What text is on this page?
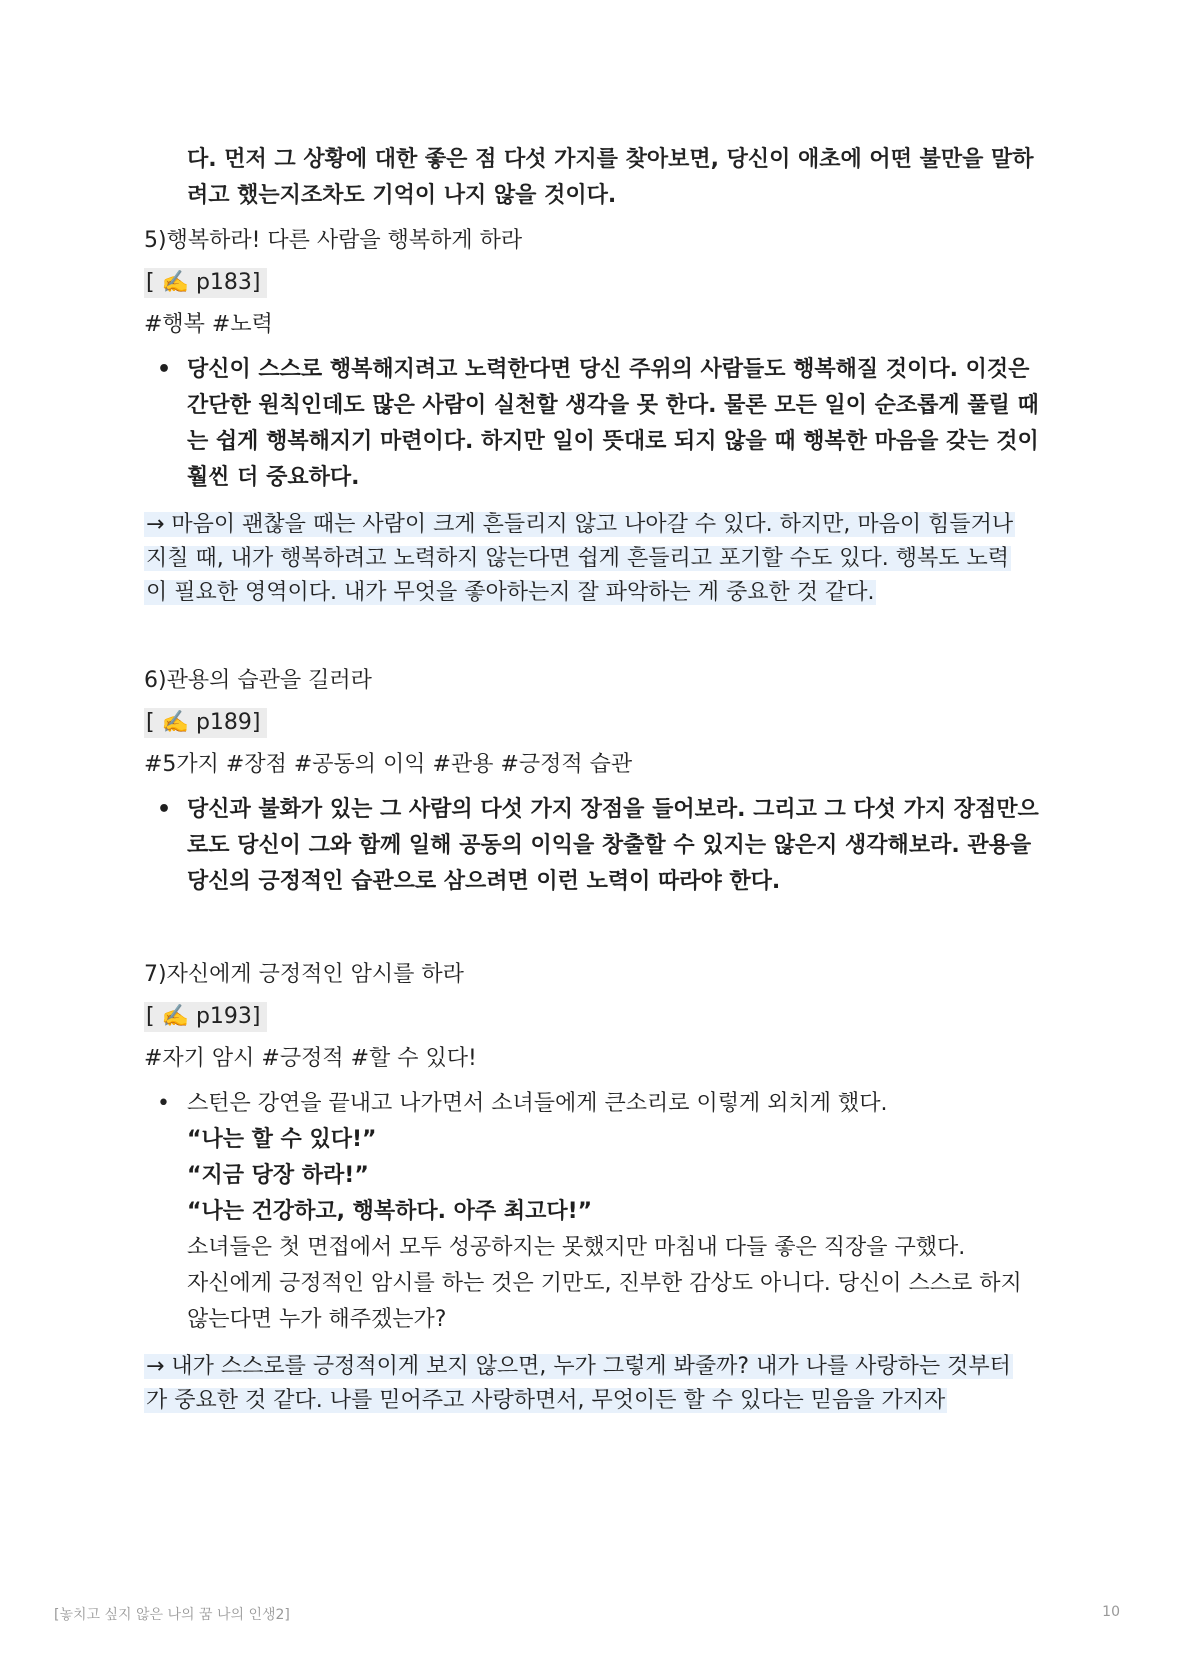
다. 먼저 그 상황에 대한 좋은 점 다섯 가지를 찾아보면, 당신이 애초에 어떤 불만을 말하
려고 했는지조차도 기억이 나지 않을 것이다.
5)행복하라! 다른 사람을 행복하게 하라
[ ✍️ p183]
#행복 #노력
• 당신이 스스로 행복해지려고 노력한다면 당신 주위의 사람들도 행복해질 것이다. 이것은
간단한 원칙인데도 많은 사람이 실천할 생각을 못 한다. 물론 모든 일이 순조롭게 풀릴 때
는 쉽게 행복해지기 마련이다. 하지만 일이 뜻대로 되지 않을 때 행복한 마음을 갖는 것이
훨씬 더 중요하다.
→ 마음이 괜찮을 때는 사람이 크게 흔들리지 않고 나아갈 수 있다. 하지만, 마음이 힘들거나
지칠 때, 내가 행복하려고 노력하지 않는다면 쉽게 흔들리고 포기할 수도 있다. 행복도 노력
이 필요한 영역이다. 내가 무엇을 좋아하는지 잘 파악하는 게 중요한 것 같다.
6)관용의 습관을 길러라
[ ✍️ p189]
#5가지 #장점 #공동의 이익 #관용 #긍정적 습관
• 당신과 불화가 있는 그 사람의 다섯 가지 장점을 들어보라. 그리고 그 다섯 가지 장점만으
로도 당신이 그와 함께 일해 공동의 이익을 창출할 수 있지는 않은지 생각해보라. 관용을
당신의 긍정적인 습관으로 삼으려면 이런 노력이 따라야 한다.
7)자신에게 긍정적인 암시를 하라
[ ✍️ p193]
#자기 암시 #긍정적 #할 수 있다!
• 스턴은 강연을 끝내고 나가면서 소녀들에게 큰소리로 이렇게 외치게 했다.
“나는 할 수 있다!”
“지금 당장 하라!”
“나는 건강하고, 행복하다. 아주 최고다!”
소녀들은 첫 면접에서 모두 성공하지는 못했지만 마침내 다들 좋은 직장을 구했다.
자신에게 긍정적인 암시를 하는 것은 기만도, 진부한 감상도 아니다. 당신이 스스로 하지
않는다면 누가 해주겠는가?
→ 내가 스스로를 긍정적이게 보지 않으면, 누가 그렇게 봐줄까? 내가 나를 사랑하는 것부터
가 중요한 것 같다. 나를 믿어주고 사랑하면서, 무엇이든 할 수 있다는 믿음을 가지자
[놓치고 싶지 않은 나의 꿈 나의 인생2]	10
